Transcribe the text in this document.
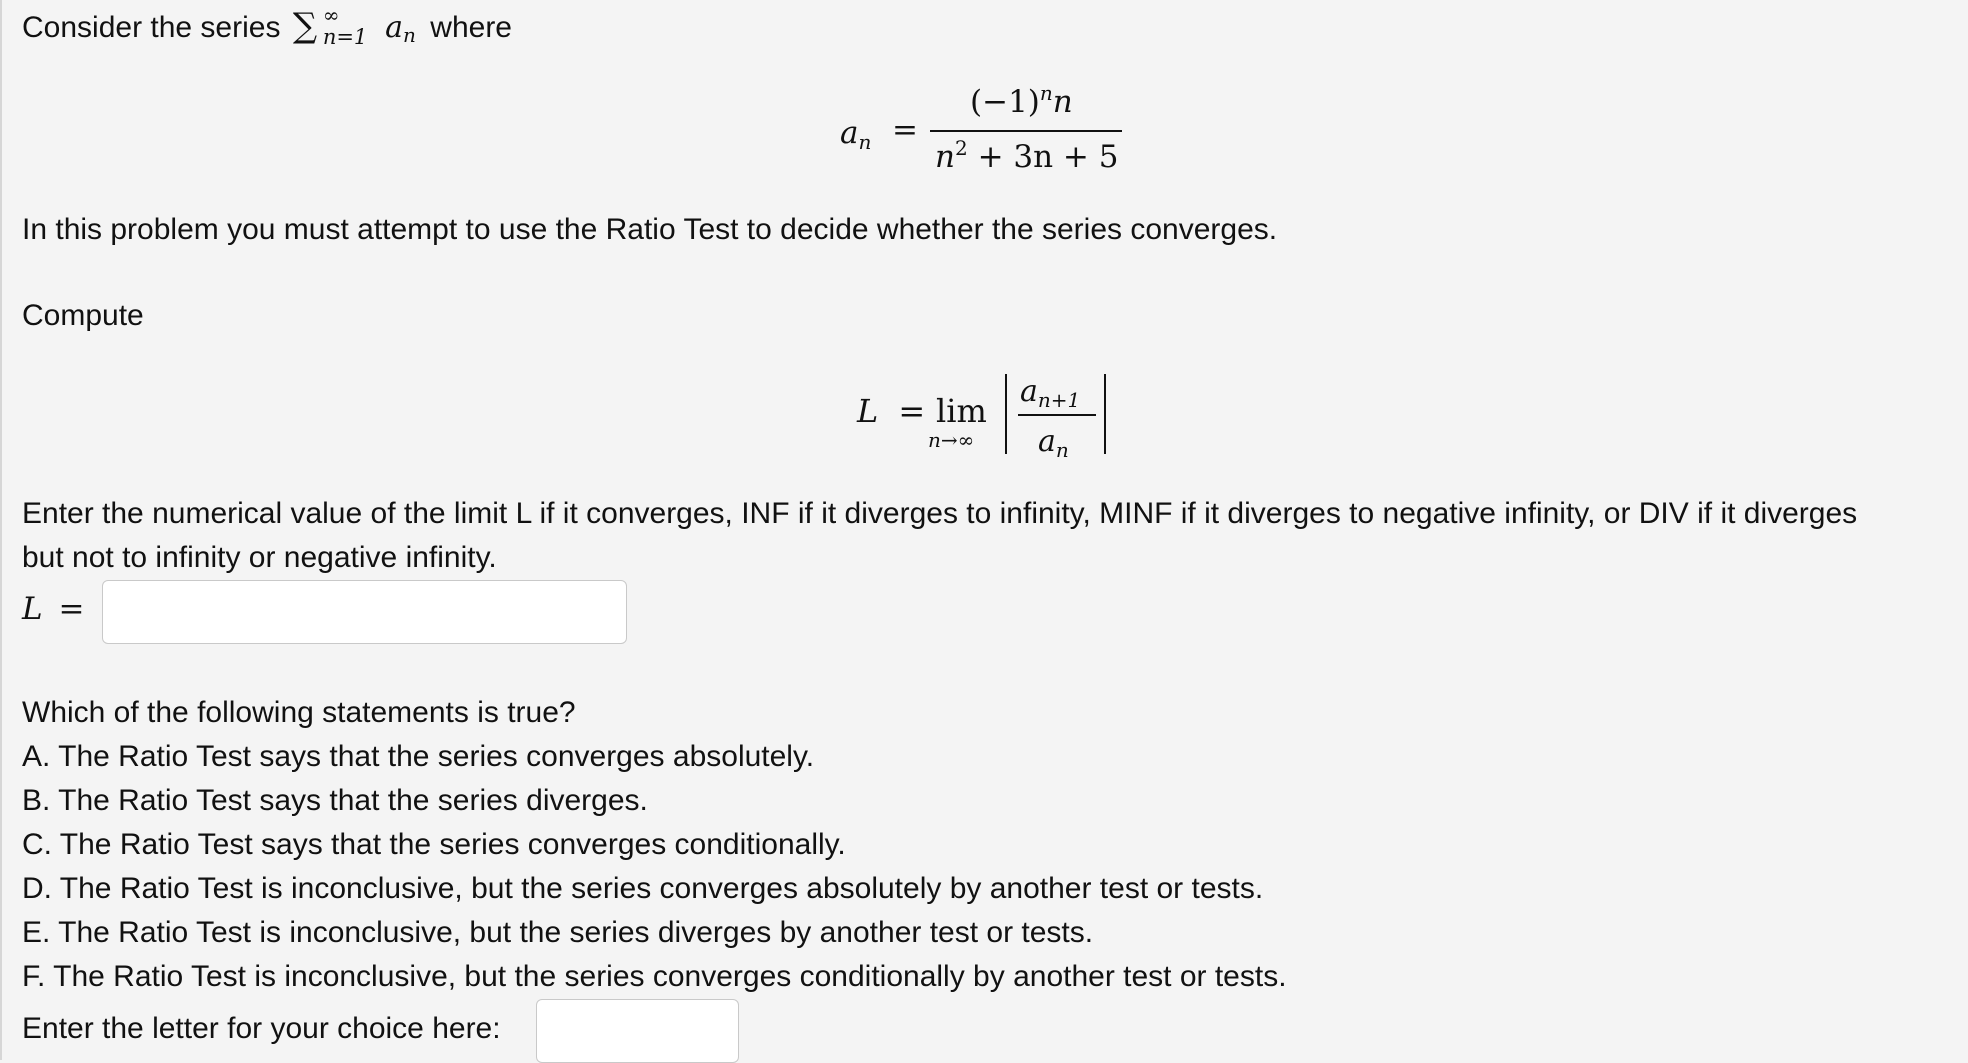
Consider the series ∑ ∞
n=1 an where
an =
$(-1)^nn$
$n^2 + 3n + 5$
In this problem you must attempt to use the Ratio Test to decide whether the series converges.
Compute
L = lim
n→∞
$a_{n+1}$
$a_n$
Enter the numerical value of the limit L if it converges, INF if it diverges to infinity, MINF if it diverges to negative infinity, or DIV if it diverges
but not to infinity or negative infinity.
L =
Which of the following statements is true?
A. The Ratio Test says that the series converges absolutely.
B. The Ratio Test says that the series diverges.
C. The Ratio Test says that the series converges conditionally.
D. The Ratio Test is inconclusive, but the series converges absolutely by another test or tests.
E. The Ratio Test is inconclusive, but the series diverges by another test or tests.
F. The Ratio Test is inconclusive, but the series converges conditionally by another test or tests.
Enter the letter for your choice here:
